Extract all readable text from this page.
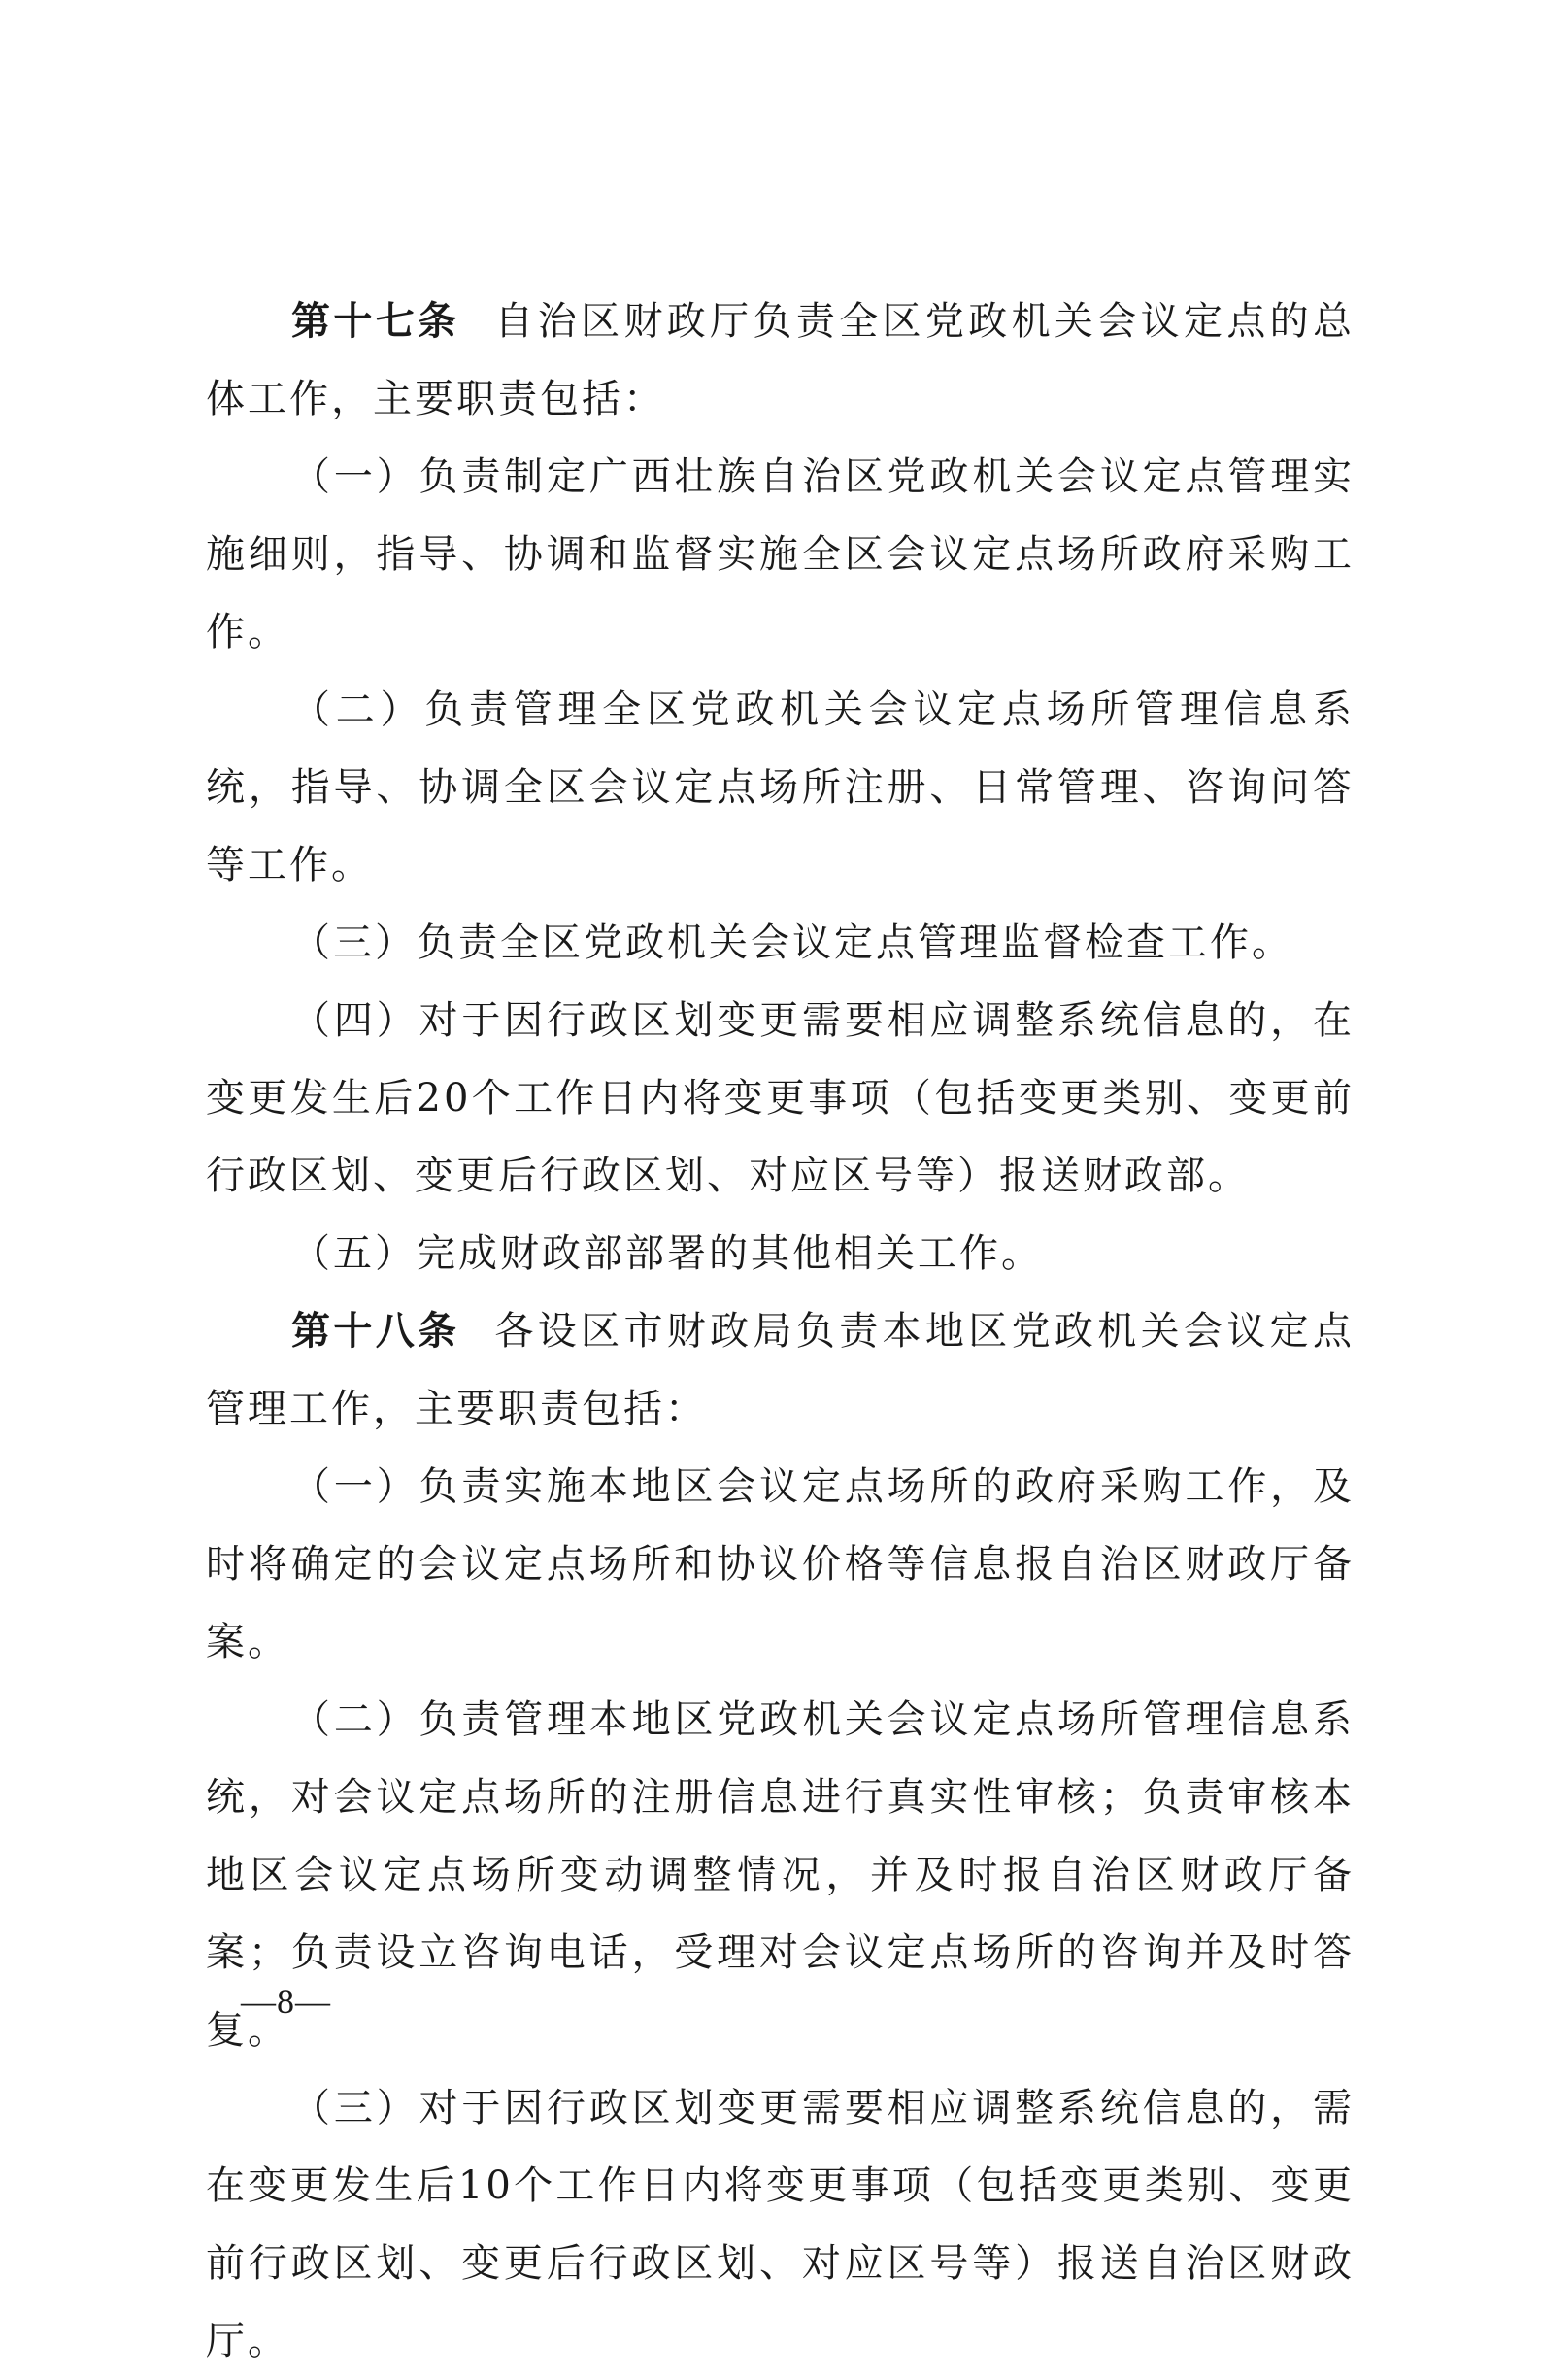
第十七条 自治区财政厅负责全区党政机关会议定点的总体工作，主要职责包括：

（一）负责制定广西壮族自治区党政机关会议定点管理实施细则，指导、协调和监督实施全区会议定点场所政府采购工作。

（二）负责管理全区党政机关会议定点场所管理信息系统，指导、协调全区会议定点场所注册、日常管理、咨询问答等工作。

（三）负责全区党政机关会议定点管理监督检查工作。

（四）对于因行政区划变更需要相应调整系统信息的，在变更发生后20个工作日内将变更事项（包括变更类别、变更前行政区划、变更后行政区划、对应区号等）报送财政部。

（五）完成财政部部署的其他相关工作。

第十八条 各设区市财政局负责本地区党政机关会议定点管理工作，主要职责包括：

（一）负责实施本地区会议定点场所的政府采购工作，及时将确定的会议定点场所和协议价格等信息报自治区财政厅备案。

（二）负责管理本地区党政机关会议定点场所管理信息系统，对会议定点场所的注册信息进行真实性审核；负责审核本地区会议定点场所变动调整情况，并及时报自治区财政厅备案；负责设立咨询电话，受理对会议定点场所的咨询并及时答复。

（三）对于因行政区划变更需要相应调整系统信息的，需在变更发生后10个工作日内将变更事项（包括变更类别、变更前行政区划、变更后行政区划、对应区号等）报送自治区财政厅。

—8—
